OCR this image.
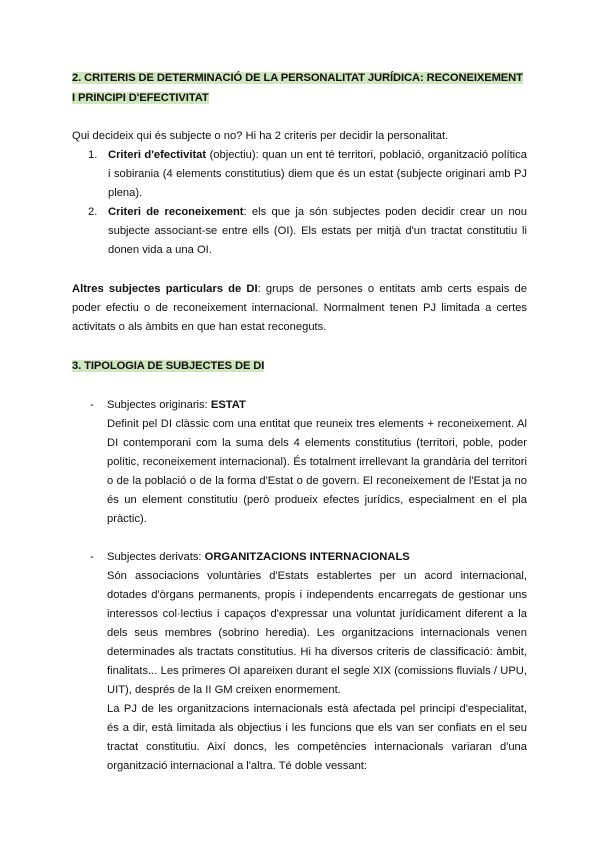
2. CRITERIS DE DETERMINACIÓ DE LA PERSONALITAT JURÍDICA: RECONEIXEMENT
I PRINCIPI D'EFECTIVITAT
Qui decideix qui és subjecte o no? Hi ha 2 criteris per decidir la personalitat.
1. Criteri d'efectivitat (objectiu): quan un ent té territori, població, organització política i sobirania (4 elements constitutius) diem que és un estat (subjecte originari amb PJ plena).
2. Criteri de reconeixement: els que ja són subjectes poden decidir crear un nou subjecte associant-se entre ells (OI). Els estats per mitjà d'un tractat constitutiu li donen vida a una OI.
Altres subjectes particulars de DI: grups de persones o entitats amb certs espais de poder efectiu o de reconeixement internacional. Normalment tenen PJ limitada a certes activitats o als àmbits en que han estat reconeguts.
3. TIPOLOGIA DE SUBJECTES DE DI
- Subjectes originaris: ESTAT

Definit pel DI clàssic com una entitat que reuneix tres elements + reconeixement. Al DI contemporani com la suma dels 4 elements constitutius (territori, poble, poder polític, reconeixement internacional). És totalment irrellevant la grandària del territori o de la població o de la forma d'Estat o de govern. El reconeixement de l'Estat ja no és un element constitutiu (però produeix efectes jurídics, especialment en el pla pràctic).

- Subjectes derivats: ORGANITZACIONS INTERNACIONALS

Són associacions voluntàries d'Estats establertes per un acord internacional, dotades d'òrgans permanents, propis i independents encarregats de gestionar uns interessos col·lectius i capaços d'expressar una voluntat jurídicament diferent a la dels seus membres (sobrino heredia). Les organitzacions internacionals venen determinades als tractats constitutius. Hi ha diversos criteris de classificació: àmbit, finalitats... Les primeres OI apareixen durant el segle XIX (comissions fluvials / UPU, UIT), després de la II GM creixen enormement.

La PJ de les organitzacions internacionals està afectada pel principi d'especialitat, és a dir, està limitada als objectius i les funcions que els van ser confiats en el seu tractat constitutiu. Així doncs, les competències internacionals variaran d'una organització internacional a l'altra. Té doble vessant:
